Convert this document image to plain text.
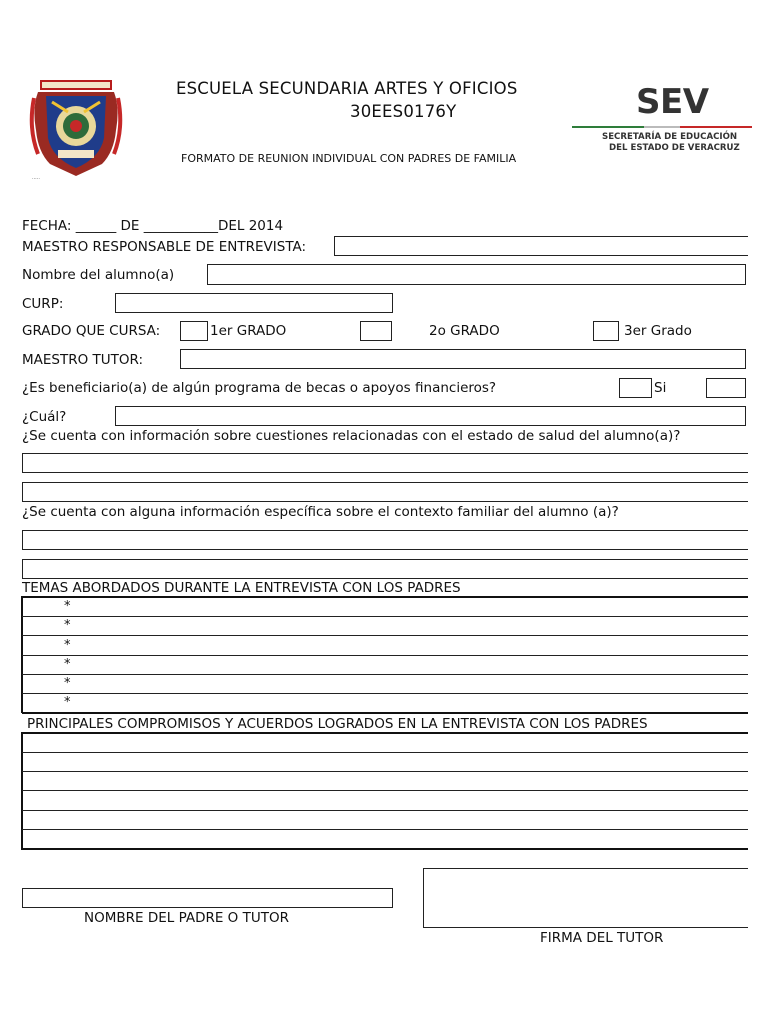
·····
ESCUELA SECUNDARIA ARTES Y OFICIOS
30EES0176Y
FORMATO DE REUNION INDIVIDUAL CON PADRES DE FAMILIA
SEV
SECRETARÍA DE EDUCACIÓN
DEL ESTADO DE VERACRUZ
FECHA: ______ DE ___________DEL 2014
MAESTRO RESPONSABLE DE ENTREVISTA:
Nombre del alumno(a)
CURP:
GRADO QUE CURSA:	1er GRADO	2o GRADO	3er Grado
MAESTRO TUTOR:
¿Es beneficiario(a) de algún programa de becas o apoyos financieros?	Si
¿Cuál?
¿Se cuenta con información sobre cuestiones relacionadas con el estado de salud del alumno(a)?
¿Se cuenta con alguna información específica sobre el contexto familiar del alumno (a)?
TEMAS ABORDADOS DURANTE LA ENTREVISTA CON LOS PADRES
*
*
*
*
*
*
PRINCIPALES COMPROMISOS Y ACUERDOS LOGRADOS EN LA ENTREVISTA CON LOS PADRES
NOMBRE DEL PADRE O TUTOR
FIRMA DEL TUTOR
